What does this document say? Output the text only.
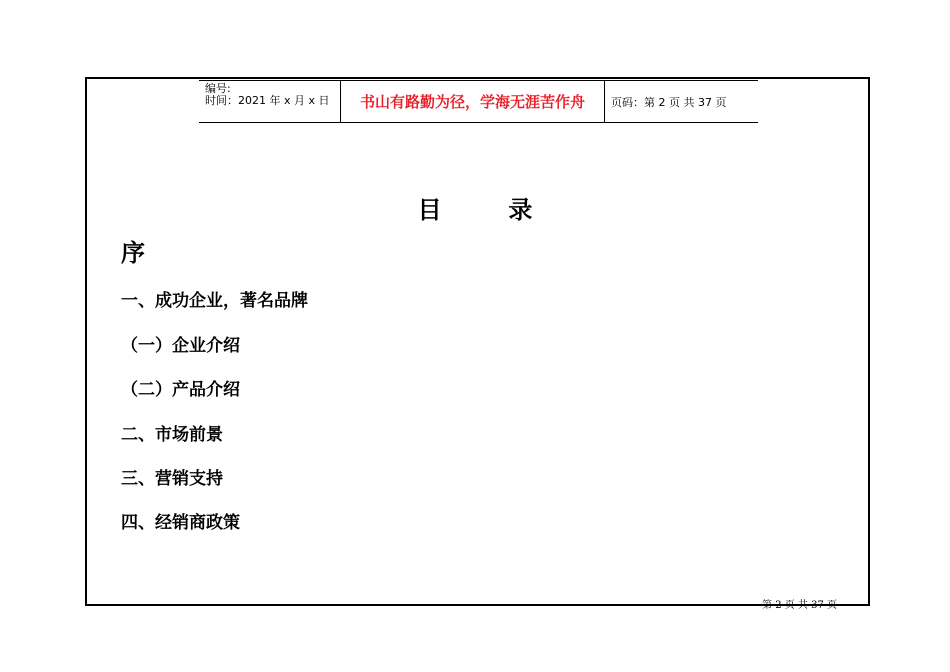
编号:
时间：2021 年 x 月 x 日	书山有路勤为径，学海无涯苦作舟	页码：第 2 页 共 37 页
目        录
序
一、成功企业，著名品牌
（一）企业介绍
（二）产品介绍
二、市场前景
三、营销支持
四、经销商政策
第 2 页 共 37 页
